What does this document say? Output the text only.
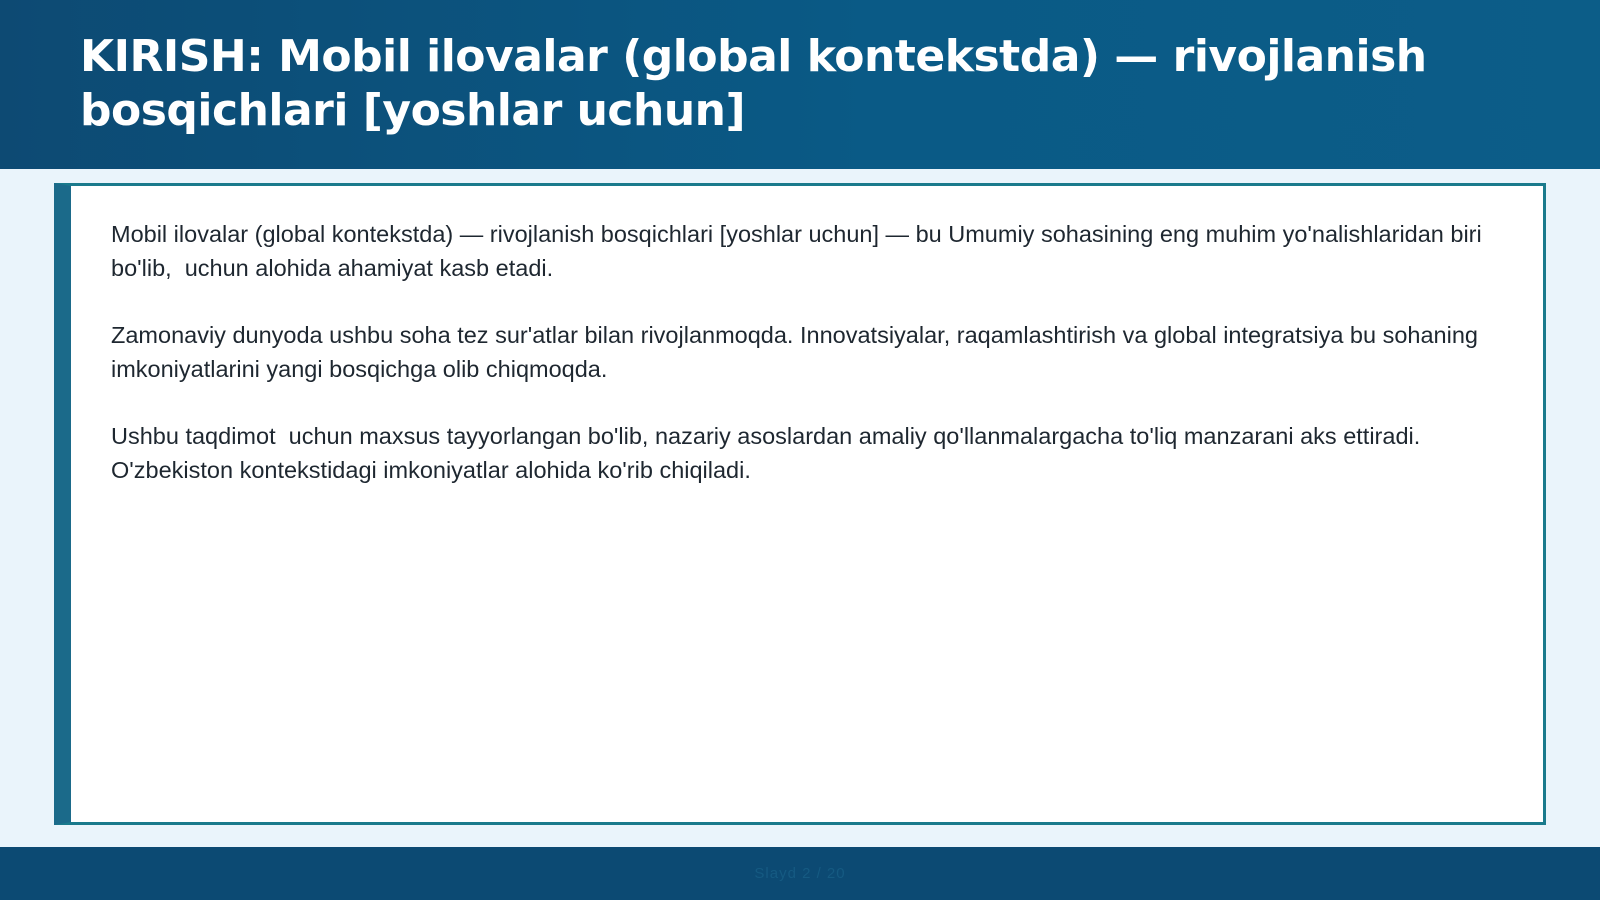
KIRISH: Mobil ilovalar (global kontekstda) — rivojlanish bosqichlari [yoshlar uchun]

Mobil ilovalar (global kontekstda) — rivojlanish bosqichlari [yoshlar uchun] — bu Umumiy sohasining eng muhim yo'nalishlaridan biri bo'lib,  uchun alohida ahamiyat kasb etadi.

Zamonaviy dunyoda ushbu soha tez sur'atlar bilan rivojlanmoqda. Innovatsiyalar, raqamlashtirish va global integratsiya bu sohaning imkoniyatlarini yangi bosqichga olib chiqmoqda.

Ushbu taqdimot  uchun maxsus tayyorlangan bo'lib, nazariy asoslardan amaliy qo'llanmalargacha to'liq manzarani aks ettiradi. O'zbekiston kontekstidagi imkoniyatlar alohida ko'rib chiqiladi.

Slayd 2 / 20
